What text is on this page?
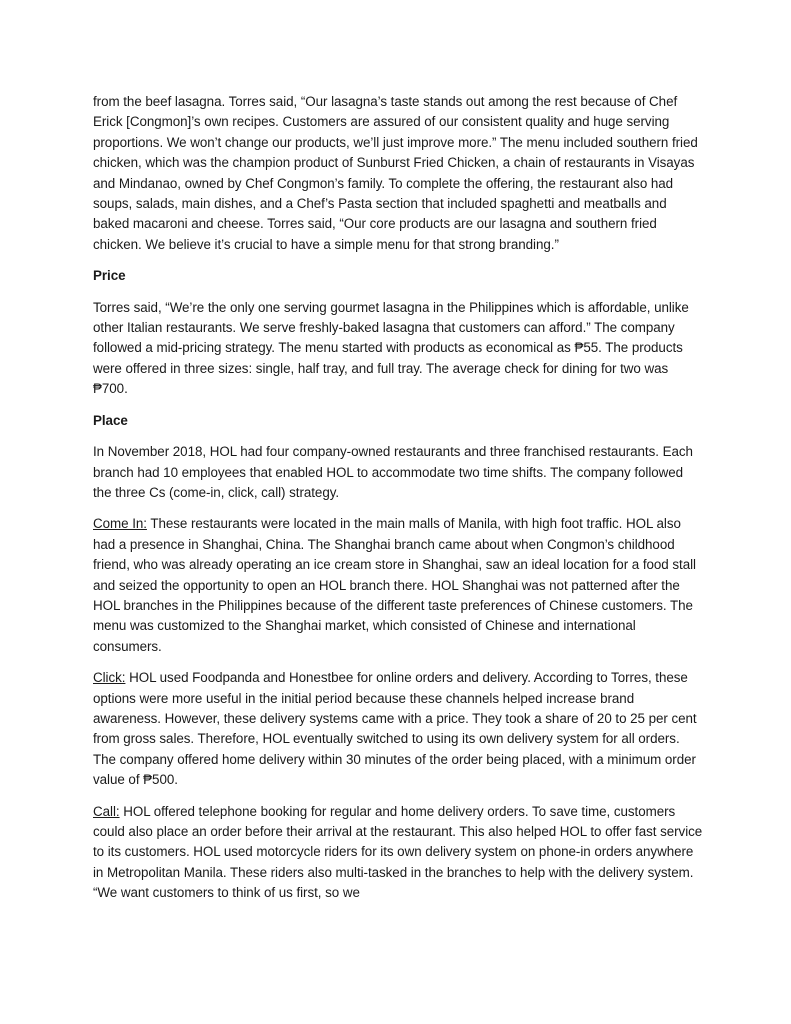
from the beef lasagna. Torres said, “Our lasagna’s taste stands out among the rest because of Chef Erick [Congmon]’s own recipes. Customers are assured of our consistent quality and huge serving proportions. We won’t change our products, we’ll just improve more.” The menu included southern fried chicken, which was the champion product of Sunburst Fried Chicken, a chain of restaurants in Visayas and Mindanao, owned by Chef Congmon’s family. To complete the offering, the restaurant also had soups, salads, main dishes, and a Chef’s Pasta section that included spaghetti and meatballs and baked macaroni and cheese. Torres said, “Our core products are our lasagna and southern fried chicken. We believe it’s crucial to have a simple menu for that strong branding.”

Price

Torres said, “We’re the only one serving gourmet lasagna in the Philippines which is affordable, unlike other Italian restaurants. We serve freshly-baked lasagna that customers can afford.” The company followed a mid-pricing strategy. The menu started with products as economical as ₱55. The products were offered in three sizes: single, half tray, and full tray. The average check for dining for two was ₱700.

Place

In November 2018, HOL had four company-owned restaurants and three franchised restaurants. Each branch had 10 employees that enabled HOL to accommodate two time shifts. The company followed the three Cs (come-in, click, call) strategy.

Come In: These restaurants were located in the main malls of Manila, with high foot traffic. HOL also had a presence in Shanghai, China. The Shanghai branch came about when Congmon’s childhood friend, who was already operating an ice cream store in Shanghai, saw an ideal location for a food stall and seized the opportunity to open an HOL branch there. HOL Shanghai was not patterned after the HOL branches in the Philippines because of the different taste preferences of Chinese customers. The menu was customized to the Shanghai market, which consisted of Chinese and international consumers.

Click: HOL used Foodpanda and Honestbee for online orders and delivery. According to Torres, these options were more useful in the initial period because these channels helped increase brand awareness. However, these delivery systems came with a price. They took a share of 20 to 25 per cent from gross sales. Therefore, HOL eventually switched to using its own delivery system for all orders. The company offered home delivery within 30 minutes of the order being placed, with a minimum order value of ₱500.

Call: HOL offered telephone booking for regular and home delivery orders. To save time, customers could also place an order before their arrival at the restaurant. This also helped HOL to offer fast service to its customers. HOL used motorcycle riders for its own delivery system on phone-in orders anywhere in Metropolitan Manila. These riders also multi-tasked in the branches to help with the delivery system. “We want customers to think of us first, so we
